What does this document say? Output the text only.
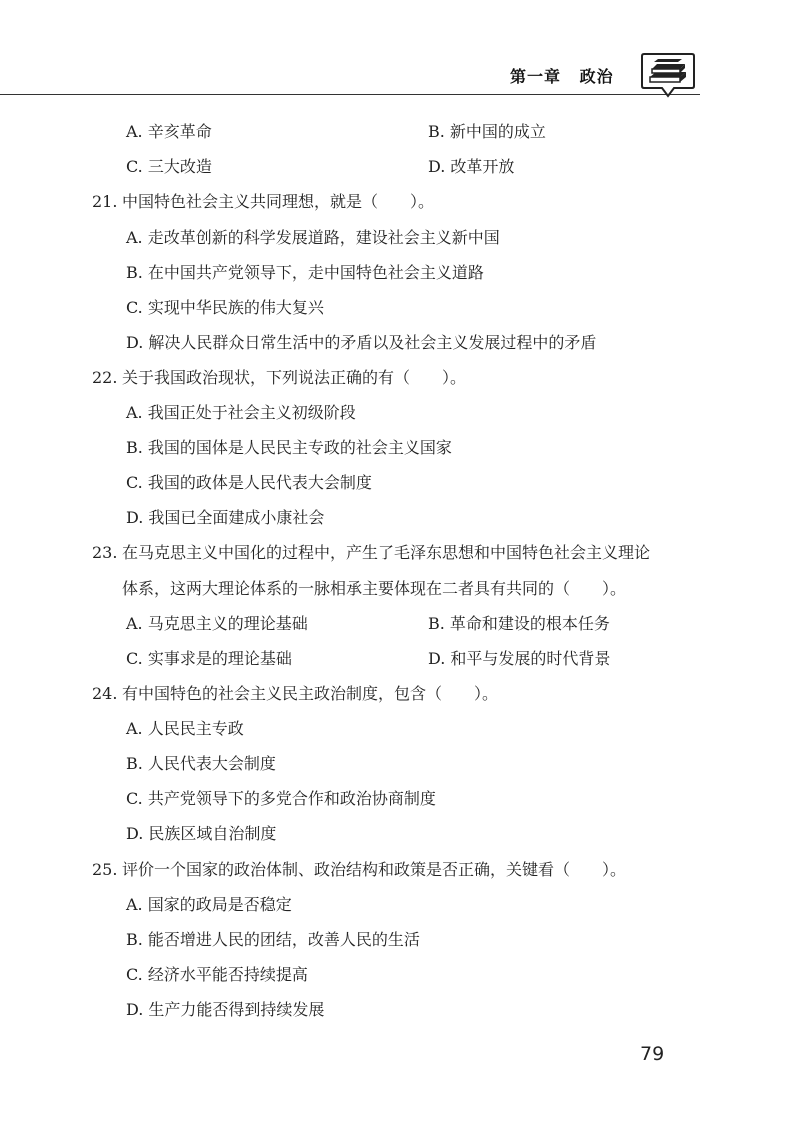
第一章 政治
A. 辛亥革命	B. 新中国的成立
C. 三大改造	D. 改革开放
21. 中国特色社会主义共同理想，就是（　　）。
A. 走改革创新的科学发展道路，建设社会主义新中国
B. 在中国共产党领导下，走中国特色社会主义道路
C. 实现中华民族的伟大复兴
D. 解决人民群众日常生活中的矛盾以及社会主义发展过程中的矛盾
22. 关于我国政治现状，下列说法正确的有（　　）。
A. 我国正处于社会主义初级阶段
B. 我国的国体是人民民主专政的社会主义国家
C. 我国的政体是人民代表大会制度
D. 我国已全面建成小康社会
23. 在马克思主义中国化的过程中，产生了毛泽东思想和中国特色社会主义理论
体系，这两大理论体系的一脉相承主要体现在二者具有共同的（　　）。
A. 马克思主义的理论基础	B. 革命和建设的根本任务
C. 实事求是的理论基础	D. 和平与发展的时代背景
24. 有中国特色的社会主义民主政治制度，包含（　　）。
A. 人民民主专政
B. 人民代表大会制度
C. 共产党领导下的多党合作和政治协商制度
D. 民族区域自治制度
25. 评价一个国家的政治体制、政治结构和政策是否正确，关键看（　　）。
A. 国家的政局是否稳定
B. 能否增进人民的团结，改善人民的生活
C. 经济水平能否持续提高
D. 生产力能否得到持续发展
79
